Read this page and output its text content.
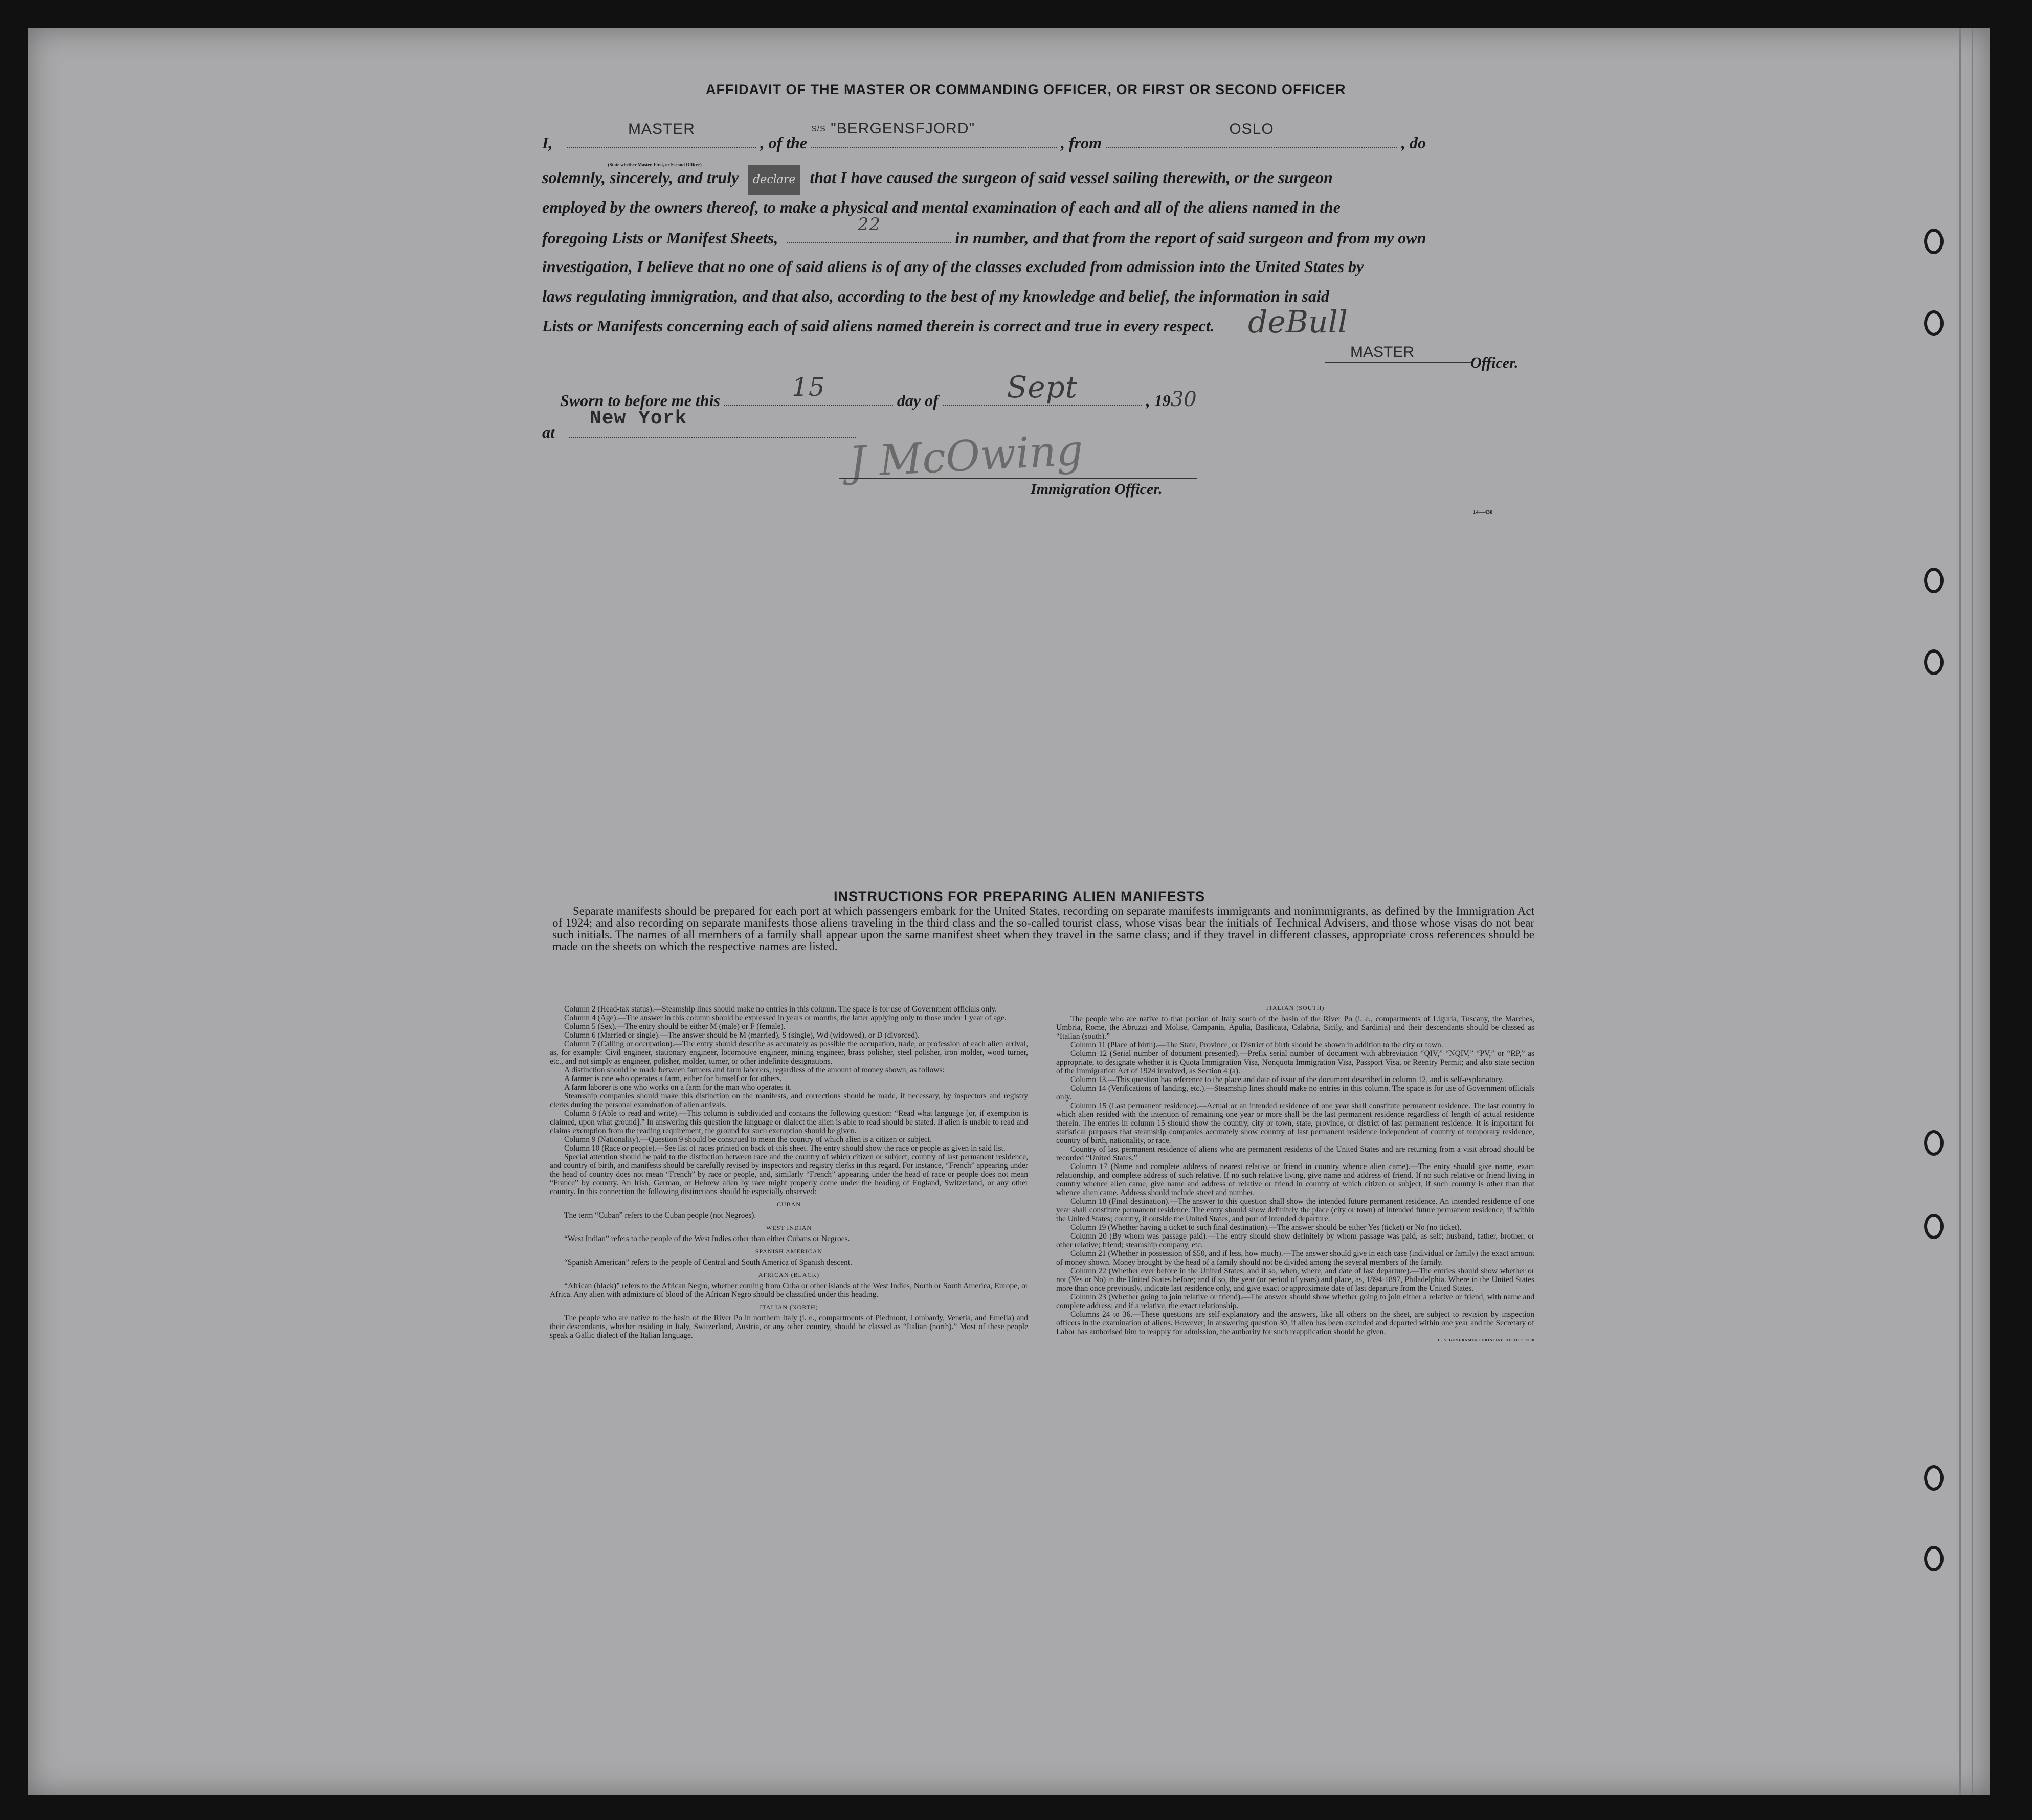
AFFIDAVIT OF THE MASTER OR COMMANDING OFFICER, OR FIRST OR SECOND OFFICER
I,
MASTER
(State whether Master, First, or Second Officer)
, of the
S/S "BERGENSFJORD"
, from
OSLO
, do
solemnly, sincerely, and truly declare that I have caused the surgeon of said vessel sailing therewith, or the surgeon
employed by the owners thereof, to make a physical and mental examination of each and all of the aliens named in the
foregoing Lists or Manifest Sheets,
22
in number, and that from the report of said surgeon and from my own
investigation, I believe that no one of said aliens is of any of the classes excluded from admission into the United States by
laws regulating immigration, and that also, according to the best of my knowledge and belief, the information in said
Lists or Manifests concerning each of said aliens named therein is correct and true in every respect.	deBull
MASTER
Officer.
Sworn to before me this	15	day of	Sept	, 1930
at
New York
J McOwing
Immigration Officer.
14—430
INSTRUCTIONS FOR PREPARING ALIEN MANIFESTS
Separate manifests should be prepared for each port at which passengers embark for the United States, recording on separate manifests immigrants and nonimmigrants, as defined by the Immigration Act of 1924; and also recording on separate manifests those aliens traveling in the third class and the so-called tourist class, whose visas bear the initials of Technical Advisers, and those whose visas do not bear such initials. The names of all members of a family shall appear upon the same manifest sheet when they travel in the same class; and if they travel in different classes, appropriate cross references should be made on the sheets on which the respective names are listed.

Column 2 (Head-tax status).—Steamship lines should make no entries in this column. The space is for use of Government officials only.

Column 4 (Age).—The answer in this column should be expressed in years or months, the latter applying only to those under 1 year of age.

Column 5 (Sex).—The entry should be either M (male) or F (female).

Column 6 (Married or single).—The answer should be M (married), S (single), Wd (widowed), or D (divorced).

Column 7 (Calling or occupation).—The entry should describe as accurately as possible the occupation, trade, or profession of each alien arrival, as, for example: Civil engineer, stationary engineer, locomotive engineer, mining engineer, brass polisher, steel polisher, iron molder, wood turner, etc., and not simply as engineer, polisher, molder, turner, or other indefinite designations.

A distinction should be made between farmers and farm laborers, regardless of the amount of money shown, as follows:

A farmer is one who operates a farm, either for himself or for others.

A farm laborer is one who works on a farm for the man who operates it.

Steamship companies should make this distinction on the manifests, and corrections should be made, if necessary, by inspectors and registry clerks during the personal examination of alien arrivals.

Column 8 (Able to read and write).—This column is subdivided and contains the following question: “Read what language [or, if exemption is claimed, upon what ground].” In answering this question the language or dialect the alien is able to read should be stated. If alien is unable to read and claims exemption from the reading requirement, the ground for such exemption should be given.

Column 9 (Nationality).—Question 9 should be construed to mean the country of which alien is a citizen or subject.

Column 10 (Race or people).—See list of races printed on back of this sheet. The entry should show the race or people as given in said list.

Special attention should be paid to the distinction between race and the country of which citizen or subject, country of last permanent residence, and country of birth, and manifests should be carefully revised by inspectors and registry clerks in this regard. For instance, “French” appearing under the head of country does not mean “French” by race or people, and, similarly “French” appearing under the head of race or people does not mean “France” by country. An Irish, German, or Hebrew alien by race might properly come under the heading of England, Switzerland, or any other country. In this connection the following distinctions should be especially observed:

CUBAN

The term “Cuban” refers to the Cuban people (not Negroes).

WEST INDIAN

“West Indian” refers to the people of the West Indies other than either Cubans or Negroes.

SPANISH AMERICAN

“Spanish American” refers to the people of Central and South America of Spanish descent.

AFRICAN (BLACK)

“African (black)” refers to the African Negro, whether coming from Cuba or other islands of the West Indies, North or South America, Europe, or Africa. Any alien with admixture of blood of the African Negro should be classified under this heading.

ITALIAN (NORTH)

The people who are native to the basin of the River Po in northern Italy (i. e., compartments of Piedmont, Lombardy, Venetia, and Emelia) and their descendants, whether residing in Italy, Switzerland, Austria, or any other country, should be classed as “Italian (north).” Most of these people speak a Gallic dialect of the Italian language.

ITALIAN (SOUTH)

The people who are native to that portion of Italy south of the basin of the River Po (i. e., compartments of Liguria, Tuscany, the Marches, Umbria, Rome, the Abruzzi and Molise, Campania, Apulia, Basilicata, Calabria, Sicily, and Sardinia) and their descendants should be classed as “Italian (south).”

Column 11 (Place of birth).—The State, Province, or District of birth should be shown in addition to the city or town.

Column 12 (Serial number of document presented).—Prefix serial number of document with abbreviation “QIV,” “NQIV,” “PV,” or “RP,” as appropriate, to designate whether it is Quota Immigration Visa, Nonquota Immigration Visa, Passport Visa, or Reentry Permit; and also state section of the Immigration Act of 1924 involved, as Section 4 (a).

Column 13.—This question has reference to the place and date of issue of the document described in column 12, and is self-explanatory.

Column 14 (Verifications of landing, etc.).—Steamship lines should make no entries in this column. The space is for use of Government officials only.

Column 15 (Last permanent residence).—Actual or an intended residence of one year shall constitute permanent residence. The last country in which alien resided with the intention of remaining one year or more shall be the last permanent residence regardless of length of actual residence therein. The entries in column 15 should show the country, city or town, state, province, or district of last permanent residence. It is important for statistical purposes that steamship companies accurately show country of last permanent residence independent of country of temporary residence, country of birth, nationality, or race.

Country of last permanent residence of aliens who are permanent residents of the United States and are returning from a visit abroad should be recorded “United States.”

Column 17 (Name and complete address of nearest relative or friend in country whence alien came).—The entry should give name, exact relationship, and complete address of such relative. If no such relative living, give name and address of friend. If no such relative or friend living in country whence alien came, give name and address of relative or friend in country of which citizen or subject, if such country is other than that whence alien came. Address should include street and number.

Column 18 (Final destination).—The answer to this question shall show the intended future permanent residence. An intended residence of one year shall constitute permanent residence. The entry should show definitely the place (city or town) of intended future permanent residence, if within the United States; country, if outside the United States, and port of intended departure.

Column 19 (Whether having a ticket to such final destination).—The answer should be either Yes (ticket) or No (no ticket).

Column 20 (By whom was passage paid).—The entry should show definitely by whom passage was paid, as self; husband, father, brother, or other relative; friend; steamship company, etc.

Column 21 (Whether in possession of $50, and if less, how much).—The answer should give in each case (individual or family) the exact amount of money shown. Money brought by the head of a family should not be divided among the several members of the family.

Column 22 (Whether ever before in the United States; and if so, when, where, and date of last departure).—The entries should show whether or not (Yes or No) in the United States before; and if so, the year (or period of years) and place, as, 1894-1897, Philadelphia. Where in the United States more than once previously, indicate last residence only, and give exact or approximate date of last departure from the United States.

Column 23 (Whether going to join relative or friend).—The answer should show whether going to join either a relative or friend, with name and complete address; and if a relative, the exact relationship.

Columns 24 to 36.—These questions are self-explanatory and the answers, like all others on the sheet, are subject to revision by inspection officers in the examination of aliens. However, in answering question 30, if alien has been excluded and deported within one year and the Secretary of Labor has authorised him to reapply for admission, the authority for such reapplication should be given.

U. S. GOVERNMENT PRINTING OFFICE: 1930
